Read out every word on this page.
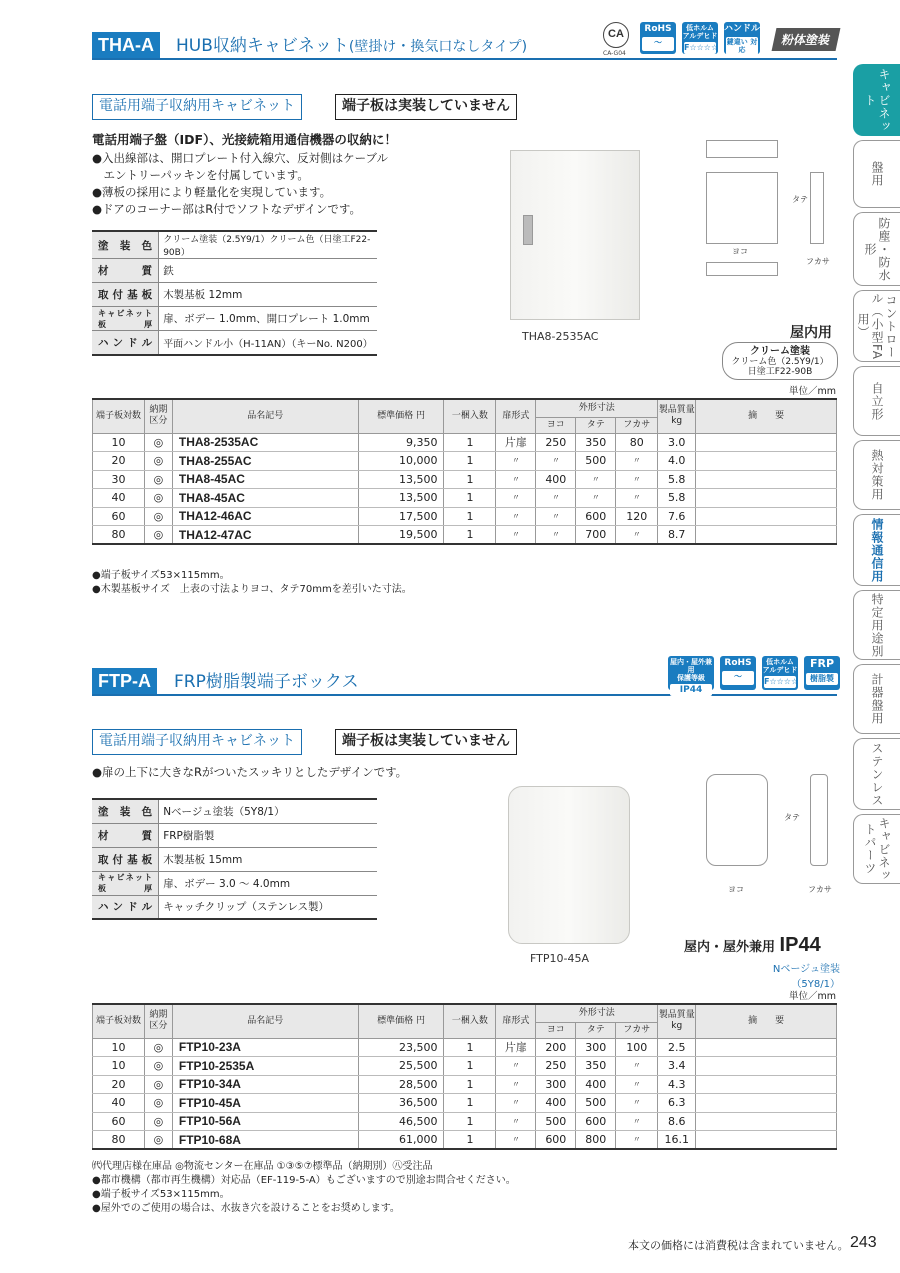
THA-A	HUB収納キャビネット(壁掛け・換気口なしタイプ)
CA
CA-G04
RoHS
〜
低ホルム アルデヒド
F☆☆☆☆
ハンドル
鍵違い 対応
粉体塗装
電話用端子収納用キャビネット	端子板は実装していません
電話用端子盤（IDF）、光接続箱用通信機器の収納に！
●入出線部は、開口プレート付入線穴、反対側はケーブル
　エントリーパッキンを付属しています。
●薄板の採用により軽量化を実現しています。
●ドアのコーナー部はR付でソフトなデザインです。
塗装色	クリーム塗装（2.5Y9/1）クリーム色（日塗工F22-90B）
材質	鉄
取付基板	木製基板 12mm
キャビネット板厚	扉、ボデー 1.0mm、開口プレート 1.0mm
ハンドル	平面ハンドル小（H-11AN）（キーNo. N200）
THA8-2535AC
ヨコ
タテ
フカサ
屋内用
クリーム塗装
クリーム色（2.5Y9/1）
日塗工F22-90B
単位／mm
端子板対数	納期区分	品名記号	標準価格 円	一梱入数	扉形式	外形寸法			製品質量kg	摘　　要
						ヨコ	タテ	フカサ		
10	◎	THA8-2535AC	9,350	1	片扉	250	350	80	3.0	
20	◎	THA8-255AC	10,000	1	〃	〃	500	〃	4.0	
30	◎	THA8-45AC	13,500	1	〃	400	〃	〃	5.8	
40	◎	THA8-45AC	13,500	1	〃	〃	〃	〃	5.8	
60	◎	THA12-46AC	17,500	1	〃	〃	600	120	7.6	
80	◎	THA12-47AC	19,500	1	〃	〃	700	〃	8.7	
●端子板サイズ53×115mm。
●木製基板サイズ　上表の寸法よりヨコ、タテ70mmを差引いた寸法。
FTP-A	FRP樹脂製端子ボックス
屋内・屋外兼用
保護等級
IP44
RoHS
〜
低ホルム アルデヒド
F☆☆☆☆
FRP
樹脂製
電話用端子収納用キャビネット	端子板は実装していません
●扉の上下に大きなRがついたスッキリとしたデザインです。
塗装色	Nベージュ塗装（5Y8/1）
材質	FRP樹脂製
取付基板	木製基板 15mm
キャビネット板厚	扉、ボデー 3.0 ～ 4.0mm
ハンドル	キャッチクリップ（ステンレス製）
FTP10-45A
ヨコ
タテ
フカサ
屋内・屋外兼用 IP44
Nベージュ塗装
（5Y8/1）
単位／mm
端子板対数	納期区分	品名記号	標準価格 円	一梱入数	扉形式	外形寸法			製品質量kg	摘　　要
						ヨコ	タテ	フカサ		
10	◎	FTP10-23A	23,500	1	片扉	200	300	100	2.5	
10	◎	FTP10-2535A	25,500	1	〃	250	350	〃	3.4	
20	◎	FTP10-34A	28,500	1	〃	300	400	〃	4.3	
40	◎	FTP10-45A	36,500	1	〃	400	500	〃	6.3	
60	◎	FTP10-56A	46,500	1	〃	500	600	〃	8.6	
80	◎	FTP10-68A	61,000	1	〃	600	800	〃	16.1	
㈹代理店様在庫品 ◎物流センター在庫品 ①③⑤⑦標準品（納期別）㊇受注品
●都市機構（都市再生機構）対応品（EF-119-5-A）もございますので別途お問合せください。
●端子板サイズ53×115mm。
●屋外でのご使用の場合は、水抜き穴を設けることをお奨めします。
キャビネット
盤用
防塵・防水形
コントロール（小型FA用）
自立形
熱対策用
情報通信用
特定用途別
計器盤用
ステンレス
キャビネットパーツ
本文の価格には消費税は含まれていません。 243
